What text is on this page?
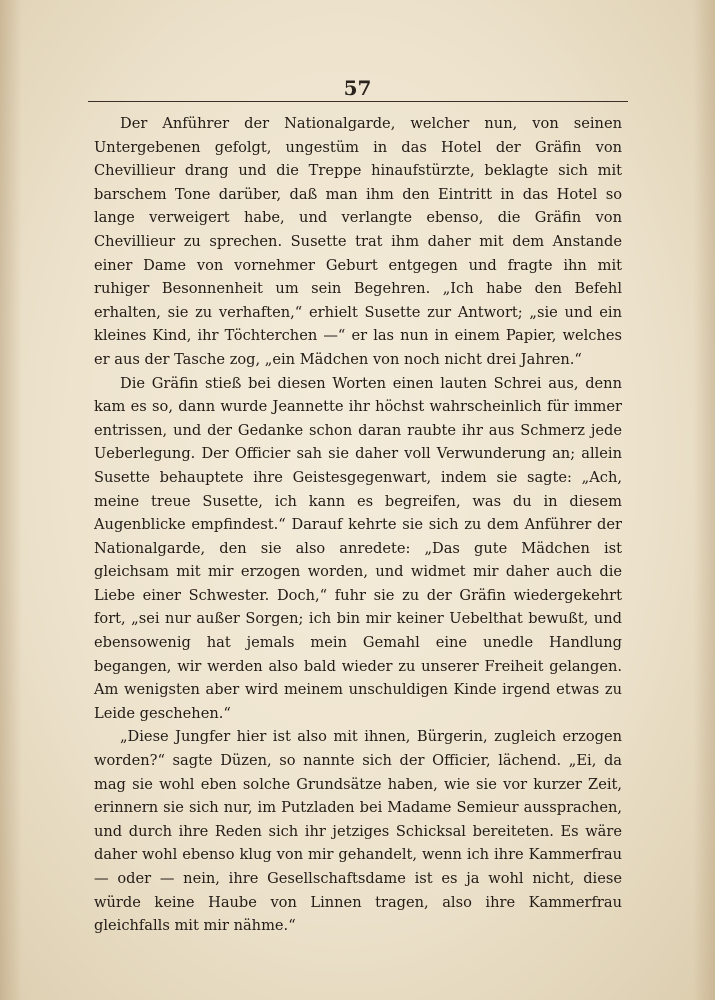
57

Der Anführer der Nationalgarde, welcher nun, von seinen Untergebenen gefolgt, ungestüm in das Hotel der Gräfin von Chevillieur drang und die Treppe hinaufstürzte, beklagte sich mit barschem Tone darüber, daß man ihm den Eintritt in das Hotel so lange verweigert habe, und verlangte ebenso, die Gräfin von Chevillieur zu sprechen. Susette trat ihm daher mit dem Anstande einer Dame von vornehmer Geburt entgegen und fragte ihn mit ruhiger Besonnenheit um sein Begehren. „Ich habe den Befehl erhalten, sie zu verhaften,“ erhielt Susette zur Antwort; „sie und ein kleines Kind, ihr Töchterchen —“ er las nun in einem Papier, welches er aus der Tasche zog, „ein Mädchen von noch nicht drei Jahren.“

Die Gräfin stieß bei diesen Worten einen lauten Schrei aus, denn kam es so, dann wurde Jeannette ihr höchst wahrscheinlich für immer entrissen, und der Gedanke schon daran raubte ihr aus Schmerz jede Ueberlegung. Der Officier sah sie daher voll Verwunderung an; allein Susette behauptete ihre Geistesgegenwart, indem sie sagte: „Ach, meine treue Susette, ich kann es begreifen, was du in diesem Augenblicke empfindest.“ Darauf kehrte sie sich zu dem Anführer der Nationalgarde, den sie also anredete: „Das gute Mädchen ist gleichsam mit mir erzogen worden, und widmet mir daher auch die Liebe einer Schwester. Doch,“ fuhr sie zu der Gräfin wiedergekehrt fort, „sei nur außer Sorgen; ich bin mir keiner Uebelthat bewußt, und ebensowenig hat jemals mein Gemahl eine unedle Handlung begangen, wir werden also bald wieder zu unserer Freiheit gelangen. Am wenigsten aber wird meinem unschuldigen Kinde irgend etwas zu Leide geschehen.“

„Diese Jungfer hier ist also mit ihnen, Bürgerin, zugleich erzogen worden?“ sagte Düzen, so nannte sich der Officier, lächend. „Ei, da mag sie wohl eben solche Grundsätze haben, wie sie vor kurzer Zeit, erinnern sie sich nur, im Putzladen bei Madame Semieur aussprachen, und durch ihre Reden sich ihr jetziges Schicksal bereiteten. Es wäre daher wohl ebenso klug von mir gehandelt, wenn ich ihre Kammerfrau — oder — nein, ihre Gesellschaftsdame ist es ja wohl nicht, diese würde keine Haube von Linnen tragen, also ihre Kammerfrau gleichfalls mit mir nähme.“
